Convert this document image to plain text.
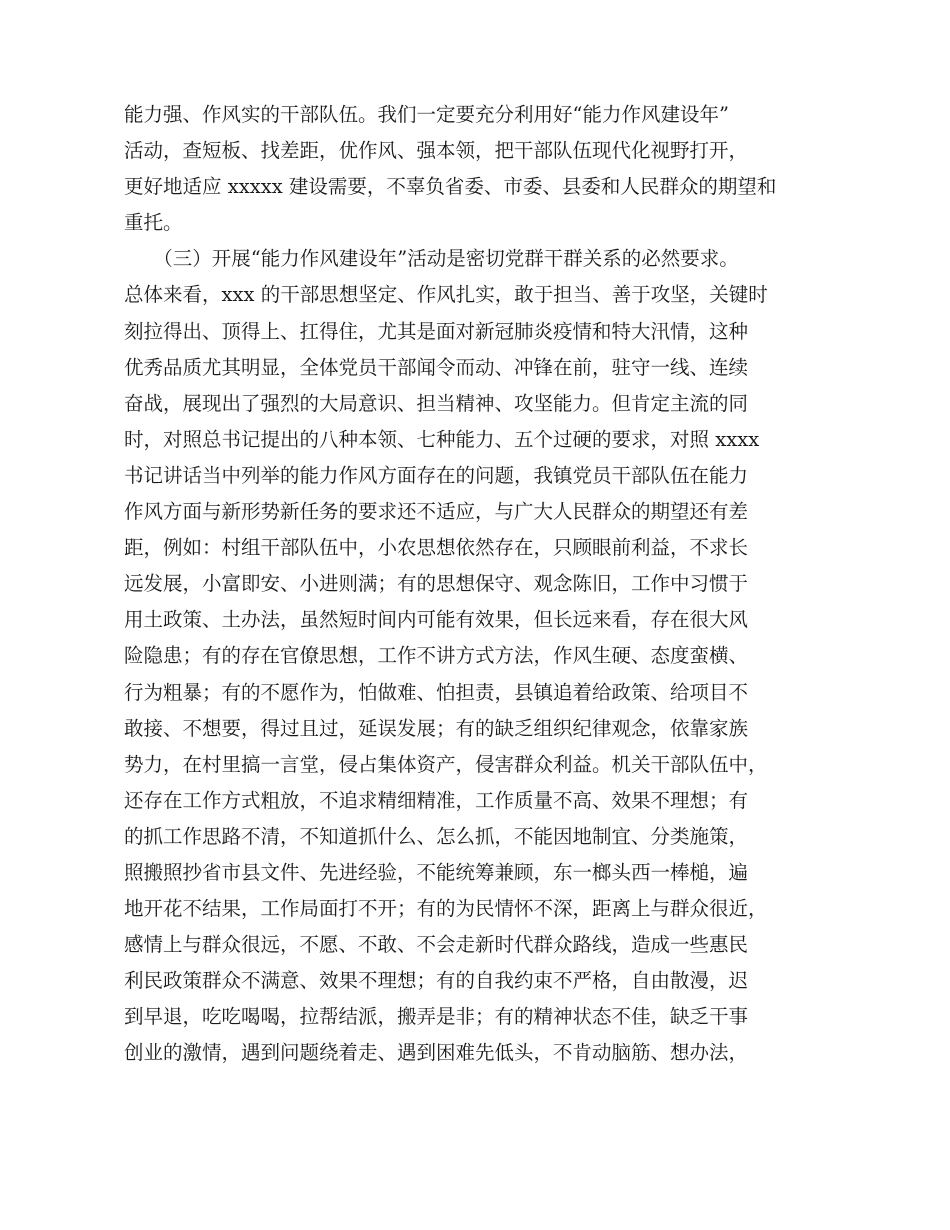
能力强、作风实的干部队伍。我们一定要充分利用好“能力作风建设年”
活动，查短板、找差距，优作风、强本领，把干部队伍现代化视野打开，
更好地适应 xxxxx 建设需要，不辜负省委、市委、县委和人民群众的期望和
重托。
　　（三）开展“能力作风建设年”活动是密切党群干群关系的必然要求。
总体来看，xxx 的干部思想坚定、作风扎实，敢于担当、善于攻坚，关键时
刻拉得出、顶得上、扛得住，尤其是面对新冠肺炎疫情和特大汛情，这种
优秀品质尤其明显，全体党员干部闻令而动、冲锋在前，驻守一线、连续
奋战，展现出了强烈的大局意识、担当精神、攻坚能力。但肯定主流的同
时，对照总书记提出的八种本领、七种能力、五个过硬的要求，对照 xxxx
书记讲话当中列举的能力作风方面存在的问题，我镇党员干部队伍在能力
作风方面与新形势新任务的要求还不适应，与广大人民群众的期望还有差
距，例如：村组干部队伍中，小农思想依然存在，只顾眼前利益，不求长
远发展，小富即安、小进则满；有的思想保守、观念陈旧，工作中习惯于
用土政策、土办法，虽然短时间内可能有效果，但长远来看，存在很大风
险隐患；有的存在官僚思想，工作不讲方式方法，作风生硬、态度蛮横、
行为粗暴；有的不愿作为，怕做难、怕担责，县镇追着给政策、给项目不
敢接、不想要，得过且过，延误发展；有的缺乏组织纪律观念，依靠家族
势力，在村里搞一言堂，侵占集体资产，侵害群众利益。机关干部队伍中，
还存在工作方式粗放，不追求精细精准，工作质量不高、效果不理想；有
的抓工作思路不清，不知道抓什么、怎么抓，不能因地制宜、分类施策，
照搬照抄省市县文件、先进经验，不能统筹兼顾，东一榔头西一棒槌，遍
地开花不结果，工作局面打不开；有的为民情怀不深，距离上与群众很近，
感情上与群众很远，不愿、不敢、不会走新时代群众路线，造成一些惠民
利民政策群众不满意、效果不理想；有的自我约束不严格，自由散漫，迟
到早退，吃吃喝喝，拉帮结派，搬弄是非；有的精神状态不佳，缺乏干事
创业的激情，遇到问题绕着走、遇到困难先低头，不肯动脑筋、想办法，
